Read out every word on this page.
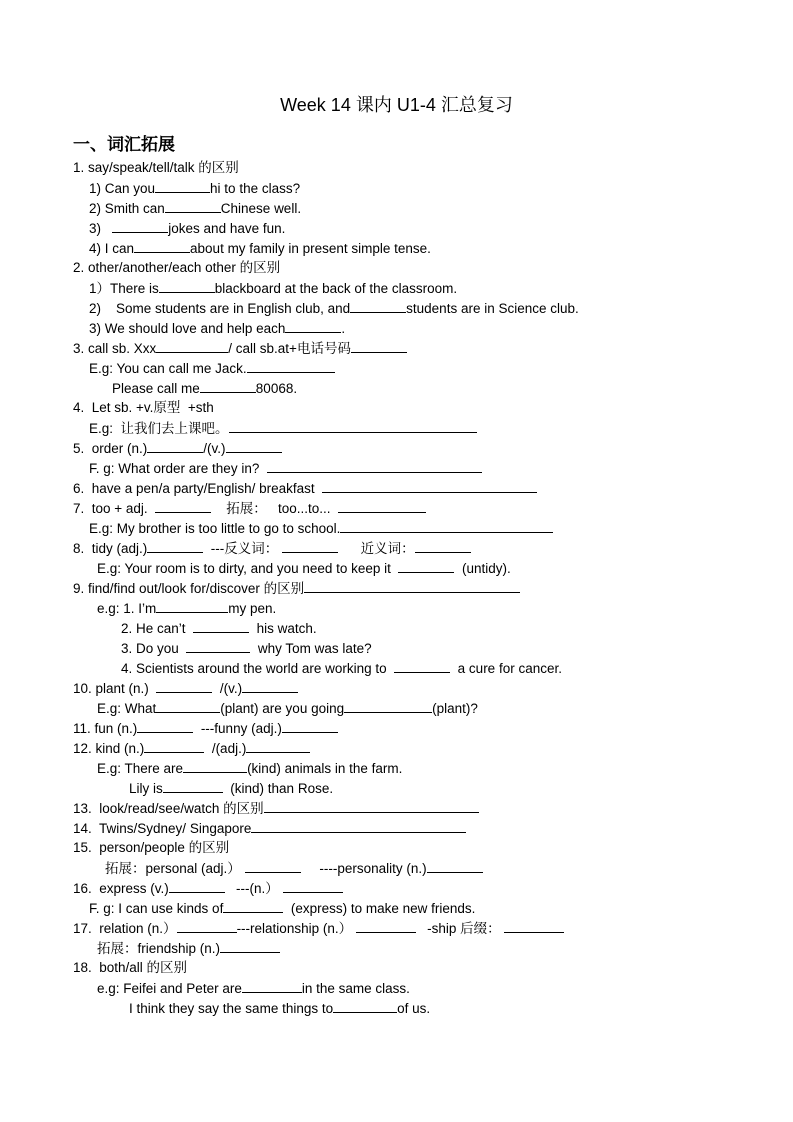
Week 14 课内 U1-4 汇总复习
一、词汇拓展
1. say/speak/tell/talk 的区别
1) Can you	hi to the class?
2) Smith can	Chinese well.
3)	jokes and have fun.
4) I can	about my family in present simple tense.
2. other/another/each other 的区别
1）There is	blackboard at the back of the classroom.
2)    Some students are in English club, and	students are in Science club.
3) We should love and help each	.
3. call sb. Xxx	/ call sb.at+电话号码
E.g: You can call me Jack.
Please call me	80068.
4.  Let sb. +v.原型  +sth
E.g:  让我们去上课吧。
5.  order (n.)	/(v.)
F. g: What order are they in?
6.  have a pen/a party/English/ breakfast
7.  too + adj.	拓展：   too...to...
E.g: My brother is too little to go to school.
8.  tidy (adj.)	---反义词：	近义词：
E.g: Your room is to dirty, and you need to keep it	(untidy).
9. find/find out/look for/discover 的区别
e.g: 1. I’m	my pen.
2. He can’t	his watch.
3. Do you	why Tom was late?
4. Scientists around the world are working to	a cure for cancer.
10. plant (n.)	/(v.)
E.g: What	(plant) are you going	(plant)?
11. fun (n.)	---funny (adj.)
12. kind (n.)	/(adj.)
E.g: There are	(kind) animals in the farm.
Lily is	(kind) than Rose.
13.  look/read/see/watch 的区别
14.  Twins/Sydney/ Singapore
15.  person/people 的区别
拓展：personal (adj.）	----personality (n.)
16.  express (v.)	---(n.）
F. g: I can use kinds of	(express) to make new friends.
17.  relation (n.）	---relationship (n.）	-ship 后缀：
拓展：friendship (n.)
18.  both/all 的区别
e.g: Feifei and Peter are	in the same class.
I think they say the same things to	of us.
